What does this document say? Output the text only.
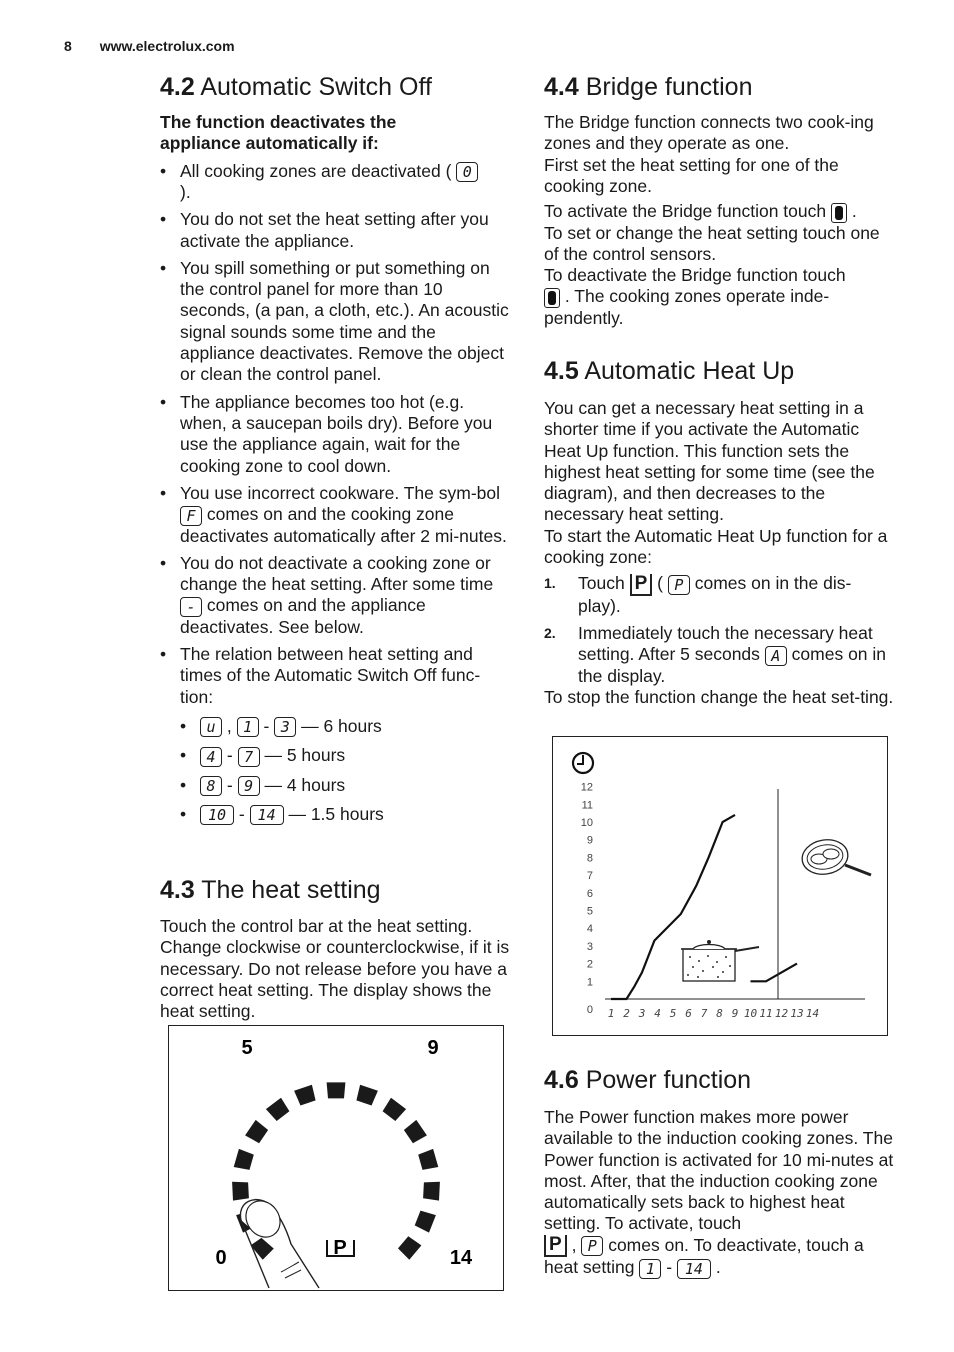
8 www.electrolux.com
4.2 Automatic Switch Off

The function deactivates the appliance automatically if:

• All cooking zones are deactivated ( 0
).
• You do not set the heat setting after you activate the appliance.
• You spill something or put something on the control panel for more than 10 seconds, (a pan, a cloth, etc.). An acoustic signal sounds some time and the appliance deactivates. Remove the object or clean the control panel.
• The appliance becomes too hot (e.g. when, a saucepan boils dry). Before you use the appliance again, wait for the cooking zone to cool down.
• You use incorrect cookware. The sym-bol F comes on and the cooking zone deactivates automatically after 2 mi-nutes.
• You do not deactivate a cooking zone or change the heat setting. After some time - comes on and the appliance deactivates. See below.
• The relation between heat setting and times of the Automatic Switch Off func-tion:
• u , 1 - 3 — 6 hours
• 4 - 7 — 5 hours
• 8 - 9 — 4 hours
• 10 - 14 — 1.5 hours
4.3 The heat setting

Touch the control bar at the heat setting. Change clockwise or counterclockwise, if it is necessary. Do not release before you have a correct heat setting. The display shows the heat setting.

5	9
0	14
P
4.4 Bridge function

The Bridge function connects two cook-ing zones and they operate as one.

First set the heat setting for one of the cooking zone.

To activate the Bridge function touch .

To set or change the heat setting touch one of the control sensors.

To deactivate the Bridge function touch

. The cooking zones operate inde-pendently.

4.5 Automatic Heat Up

You can get a necessary heat setting in a shorter time if you activate the Automatic Heat Up function. This function sets the highest heat setting for some time (see the diagram), and then decreases to the necessary heat setting.

To start the Automatic Heat Up function for a cooking zone:

1. Touch P ( P comes on in the dis-play).
2. Immediately touch the necessary heat setting. After 5 seconds A comes on in the display.

To stop the function change the heat set-ting.

0
1
2
3
4
5
6
7
8
9
10
11
12
1 2 3 4 5 6 7 8 9 10 11 12 13 14
4.6 Power function

The Power function makes more power available to the induction cooking zones. The Power function is activated for 10 mi-nutes at most. After, that the induction cooking zone automatically sets back to highest heat setting. To activate, touch

P , P comes on. To deactivate, touch a heat setting 1 - 14 .
